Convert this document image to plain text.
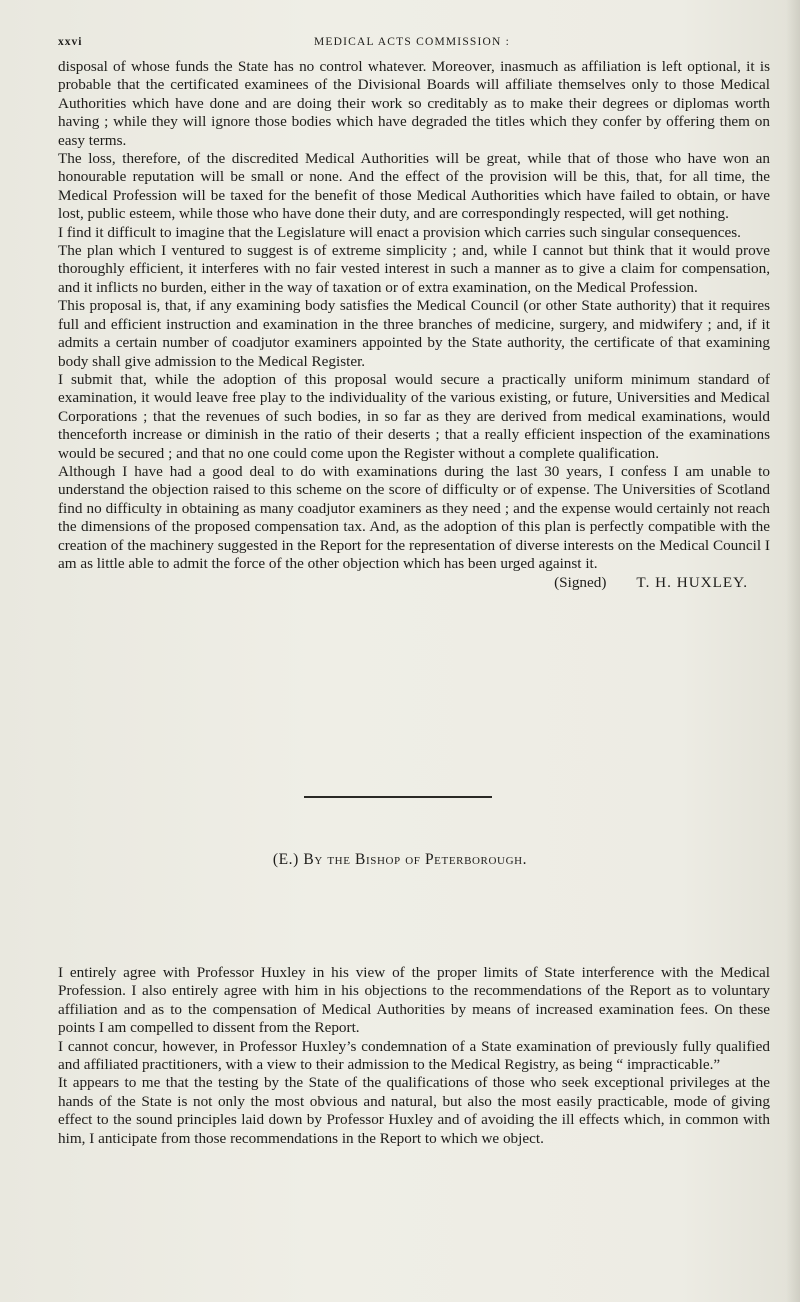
xxvi	MEDICAL ACTS COMMISSION :

disposal of whose funds the State has no control whatever. Moreover, inasmuch as affiliation is left optional, it is probable that the certificated examinees of the Divisional Boards will affiliate themselves only to those Medical Authorities which have done and are doing their work so creditably as to make their degrees or diplomas worth having ; while they will ignore those bodies which have degraded the titles which they confer by offering them on easy terms.

The loss, therefore, of the discredited Medical Authorities will be great, while that of those who have won an honourable reputation will be small or none. And the effect of the provision will be this, that, for all time, the Medical Profession will be taxed for the benefit of those Medical Authorities which have failed to obtain, or have lost, public esteem, while those who have done their duty, and are correspondingly respected, will get nothing.

I find it difficult to imagine that the Legislature will enact a provision which carries such singular consequences.

The plan which I ventured to suggest is of extreme simplicity ; and, while I cannot but think that it would prove thoroughly efficient, it interferes with no fair vested interest in such a manner as to give a claim for compensation, and it inflicts no burden, either in the way of taxation or of extra examination, on the Medical Profession.

This proposal is, that, if any examining body satisfies the Medical Council (or other State authority) that it requires full and efficient instruction and examination in the three branches of medicine, surgery, and midwifery ; and, if it admits a certain number of coadjutor examiners appointed by the State authority, the certificate of that examining body shall give admission to the Medical Register.

I submit that, while the adoption of this proposal would secure a practically uniform minimum standard of examination, it would leave free play to the individuality of the various existing, or future, Universities and Medical Corporations ; that the revenues of such bodies, in so far as they are derived from medical examinations, would thenceforth increase or diminish in the ratio of their deserts ; that a really efficient inspection of the examinations would be secured ; and that no one could come upon the Register without a complete qualification.

Although I have had a good deal to do with examinations during the last 30 years, I confess I am unable to understand the objection raised to this scheme on the score of difficulty or of expense. The Universities of Scotland find no difficulty in obtaining as many coadjutor examiners as they need ; and the expense would certainly not reach the dimensions of the proposed compensation tax. And, as the adoption of this plan is perfectly compatible with the creation of the machinery suggested in the Report for the representation of diverse interests on the Medical Council I am as little able to admit the force of the other objection which has been urged against it.

(Signed) T. H. HUXLEY.
(E.) By the Bishop of Peterborough.

I entirely agree with Professor Huxley in his view of the proper limits of State interference with the Medical Profession. I also entirely agree with him in his objections to the recommendations of the Report as to voluntary affiliation and as to the compensation of Medical Authorities by means of increased examination fees. On these points I am compelled to dissent from the Report.

I cannot concur, however, in Professor Huxley’s condemnation of a State examination of previously fully qualified and affiliated practitioners, with a view to their admission to the Medical Registry, as being “ impracticable.”

It appears to me that the testing by the State of the qualifications of those who seek exceptional privileges at the hands of the State is not only the most obvious and natural, but also the most easily practicable, mode of giving effect to the sound principles laid down by Professor Huxley and of avoiding the ill effects which, in common with him, I anticipate from those recommendations in the Report to which we object.
